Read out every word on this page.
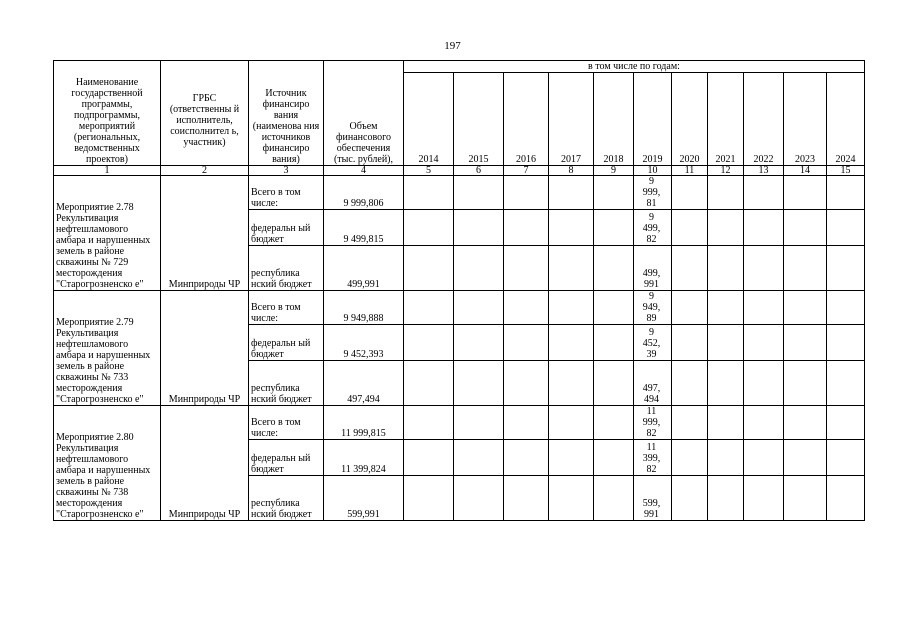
197
Наименование государственной программы, подпрограммы, мероприятий (региональных, ведомственных проектов)	ГРБС (ответственны й исполнитель, соисполнител ь, участник)	Источник финансиро вания (наименова ния источников финансиро вания)	Объем финансового обеспечения (тыс. рублей),	в том числе по годам:										
				2014	2015	2016	2017	2018	2019	2020	2021	2022	2023	2024
1	2	3	4	5	6	7	8	9	10	11	12	13	14	15
Мероприятие 2.78 Рекультивация нефтешламового амбара и нарушенных земель в районе скважины № 729 месторождения "Старогрозненско е"	Минприроды ЧР	Всего в том числе:	9 999,806						9 999, 81					

		федеральн ый бюджет	9 499,815						9 499, 82					

		республика нский бюджет	499,991						499, 991					

Мероприятие 2.79 Рекультивация нефтешламового амбара и нарушенных земель в районе скважины № 733 месторождения "Старогрозненско е"	Минприроды ЧР	Всего в том числе:	9 949,888						9 949, 89					

		федеральн ый бюджет	9 452,393						9 452, 39					

		республика нский бюджет	497,494						497, 494					

Мероприятие 2.80 Рекультивация нефтешламового амбара и нарушенных земель в районе скважины № 738 месторождения "Старогрозненско е"	Минприроды ЧР	Всего в том числе:	11 999,815						11 999, 82					

		федеральн ый бюджет	11 399,824						11 399, 82					

		республика нский бюджет	599,991						599, 991					
